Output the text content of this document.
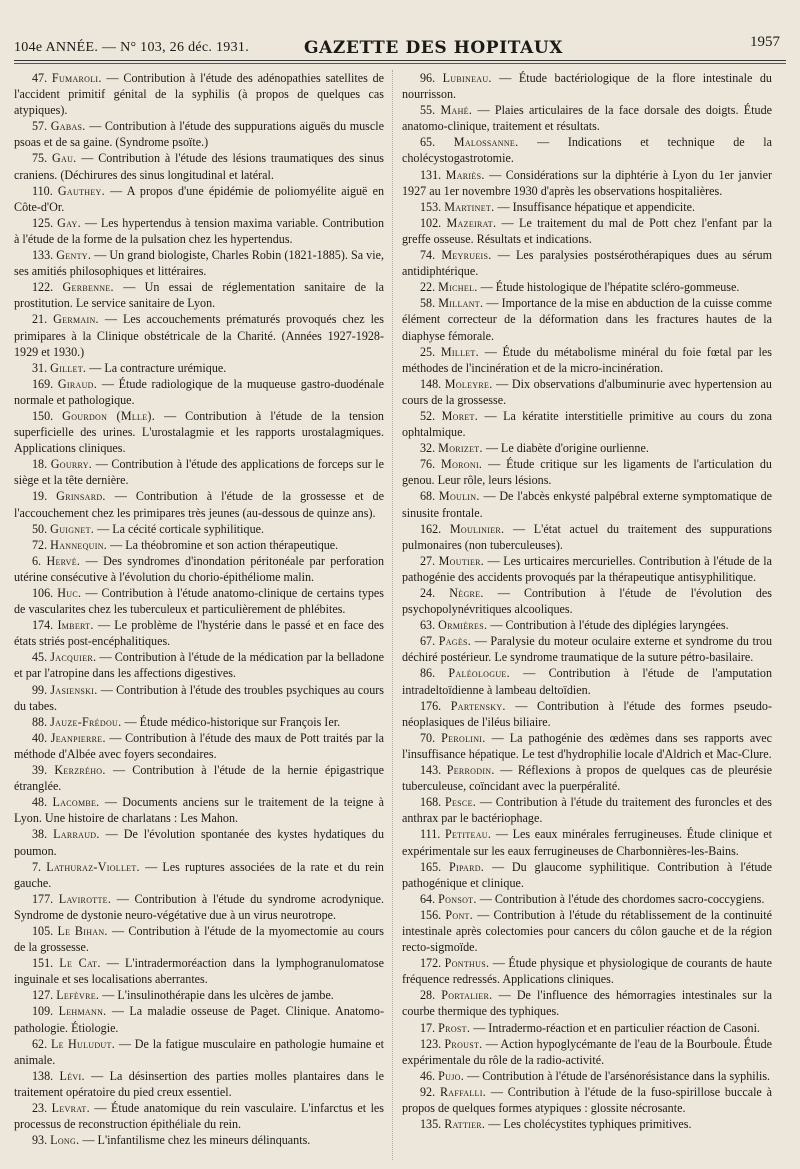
104e ANNÉE. — N° 103, 26 déc. 1931.	GAZETTE DES HOPITAUX	1957

47. Fumaroli. — Contribution à l'étude des adénopathies satellites de l'accident primitif génital de la syphilis (à propos de quelques cas atypiques).

57. Gabas. — Contribution à l'étude des suppurations aiguës du muscle psoas et de sa gaine. (Syndrome psoïte.)

75. Gau. — Contribution à l'étude des lésions traumatiques des sinus craniens. (Déchirures des sinus longitudinal et latéral.

110. Gauthey. — A propos d'une épidémie de poliomyélite aiguë en Côte-d'Or.

125. Gay. — Les hypertendus à tension maxima variable. Contribution à l'étude de la forme de la pulsation chez les hypertendus.

133. Genty. — Un grand biologiste, Charles Robin (1821-1885). Sa vie, ses amitiés philosophiques et littéraires.

122. Gerbenne. — Un essai de réglementation sanitaire de la prostitution. Le service sanitaire de Lyon.

21. Germain. — Les accouchements prématurés provoqués chez les primipares à la Clinique obstétricale de la Charité. (Années 1927-1928-1929 et 1930.)

31. Gillet. — La contracture urémique.

169. Giraud. — Étude radiologique de la muqueuse gastro-duodénale normale et pathologique.

150. Gourdon (Mlle). — Contribution à l'étude de la tension superficielle des urines. L'urostalagmie et les rapports urostalagmiques. Applications cliniques.

18. Gourry. — Contribution à l'étude des applications de forceps sur le siège et la tête dernière.

19. Grinsard. — Contribution à l'étude de la grossesse et de l'accouchement chez les primipares très jeunes (au-dessous de quinze ans).

50. Guignet. — La cécité corticale syphilitique.

72. Hannequin. — La théobromine et son action thérapeutique.

6. Hervé. — Des syndromes d'inondation péritonéale par perforation utérine consécutive à l'évolution du chorio-épithéliome malin.

106. Huc. — Contribution à l'étude anatomo-clinique de certains types de vascularites chez les tuberculeux et particulièrement de phlébites.

174. Imbert. — Le problème de l'hystérie dans le passé et en face des états striés post-encéphalitiques.

45. Jacquier. — Contribution à l'étude de la médication par la belladone et par l'atropine dans les affections digestives.

99. Jasienski. — Contribution à l'étude des troubles psychiques au cours du tabes.

88. Jauze-Frédou. — Étude médico-historique sur François Ier.

40. Jeanpierre. — Contribution à l'étude des maux de Pott traités par la méthode d'Albée avec foyers secondaires.

39. Kerzrého. — Contribution à l'étude de la hernie épigastrique étranglée.

48. Lacombe. — Documents anciens sur le traitement de la teigne à Lyon. Une histoire de charlatans : Les Mahon.

38. Larraud. — De l'évolution spontanée des kystes hydatiques du poumon.

7. Lathuraz-Viollet. — Les ruptures associées de la rate et du rein gauche.

177. Lavirotte. — Contribution à l'étude du syndrome acrodynique. Syndrome de dystonie neuro-végétative due à un virus neurotrope.

105. Le Bihan. — Contribution à l'étude de la myomectomie au cours de la grossesse.

151. Le Cat. — L'intradermoréaction dans la lymphogranulomatose inguinale et ses localisations aberrantes.

127. Lefèvre. — L'insulinothérapie dans les ulcères de jambe.

109. Lehmann. — La maladie osseuse de Paget. Clinique. Anatomo-pathologie. Étiologie.

62. Le Huludut. — De la fatigue musculaire en pathologie humaine et animale.

138. Lévi. — La désinsertion des parties molles plantaires dans le traitement opératoire du pied creux essentiel.

23. Levrat. — Étude anatomique du rein vasculaire. L'infarctus et les processus de reconstruction épithéliale du rein.

93. Long. — L'infantilisme chez les mineurs délinquants.

96. Lubineau. — Étude bactériologique de la flore intestinale du nourrisson.

55. Mahé. — Plaies articulaires de la face dorsale des doigts. Étude anatomo-clinique, traitement et résultats.

65. Malossanne. — Indications et technique de la cholécystogastrotomie.

131. Mariès. — Considérations sur la diphtérie à Lyon du 1er janvier 1927 au 1er novembre 1930 d'après les observations hospitalières.

153. Martinet. — Insuffisance hépatique et appendicite.

102. Mazeirat. — Le traitement du mal de Pott chez l'enfant par la greffe osseuse. Résultats et indications.

74. Meyrueis. — Les paralysies postsérothérapiques dues au sérum antidiphtérique.

22. Michel. — Étude histologique de l'hépatite scléro-gommeuse.

58. Millant. — Importance de la mise en abduction de la cuisse comme élément correcteur de la déformation dans les fractures hautes de la diaphyse fémorale.

25. Millet. — Étude du métabolisme minéral du foie fœtal par les méthodes de l'incinération et de la micro-incinération.

148. Moleyre. — Dix observations d'albuminurie avec hypertension au cours de la grossesse.

52. Moret. — La kératite interstitielle primitive au cours du zona ophtalmique.

32. Morizet. — Le diabète d'origine ourlienne.

76. Moroni. — Étude critique sur les ligaments de l'articulation du genou. Leur rôle, leurs lésions.

68. Moulin. — De l'abcès enkysté palpébral externe symptomatique de sinusite frontale.

162. Moulinier. — L'état actuel du traitement des suppurations pulmonaires (non tuberculeuses).

27. Moutier. — Les urticaires mercurielles. Contribution à l'étude de la pathogénie des accidents provoqués par la thérapeutique antisyphilitique.

24. Nègre. — Contribution à l'étude de l'évolution des psychopolynévritiques alcooliques.

63. Ormières. — Contribution à l'étude des diplégies laryngées.

67. Pagès. — Paralysie du moteur oculaire externe et syndrome du trou déchiré postérieur. Le syndrome traumatique de la suture pétro-basilaire.

86. Paléologue. — Contribution à l'étude de l'amputation intradeltoïdienne à lambeau deltoïdien.

176. Partensky. — Contribution à l'étude des formes pseudo-néoplasiques de l'iléus biliaire.

70. Perolini. — La pathogénie des œdèmes dans ses rapports avec l'insuffisance hépatique. Le test d'hydrophilie locale d'Aldrich et Mac-Clure.

143. Perrodin. — Réflexions à propos de quelques cas de pleurésie tuberculeuse, coïncidant avec la puerpéralité.

168. Pesce. — Contribution à l'étude du traitement des furoncles et des anthrax par le bactériophage.

111. Petiteau. — Les eaux minérales ferrugineuses. Étude clinique et expérimentale sur les eaux ferrugineuses de Charbonnières-les-Bains.

165. Pipard. — Du glaucome syphilitique. Contribution à l'étude pathogénique et clinique.

64. Ponsot. — Contribution à l'étude des chordomes sacro-coccygiens.

156. Pont. — Contribution à l'étude du rétablissement de la continuité intestinale après colectomies pour cancers du côlon gauche et de la région recto-sigmoïde.

172. Ponthus. — Étude physique et physiologique de courants de haute fréquence redressés. Applications cliniques.

28. Portalier. — De l'influence des hémorragies intestinales sur la courbe thermique des typhiques.

17. Prost. — Intradermo-réaction et en particulier réaction de Casoni.

123. Proust. — Action hypoglycémante de l'eau de la Bourboule. Étude expérimentale du rôle de la radio-activité.

46. Pujo. — Contribution à l'étude de l'arsénorésistance dans la syphilis.

92. Raffalli. — Contribution à l'étude de la fuso-spirillose buccale à propos de quelques formes atypiques : glossite nécrosante.

135. Rattier. — Les cholécystites typhiques primitives.
